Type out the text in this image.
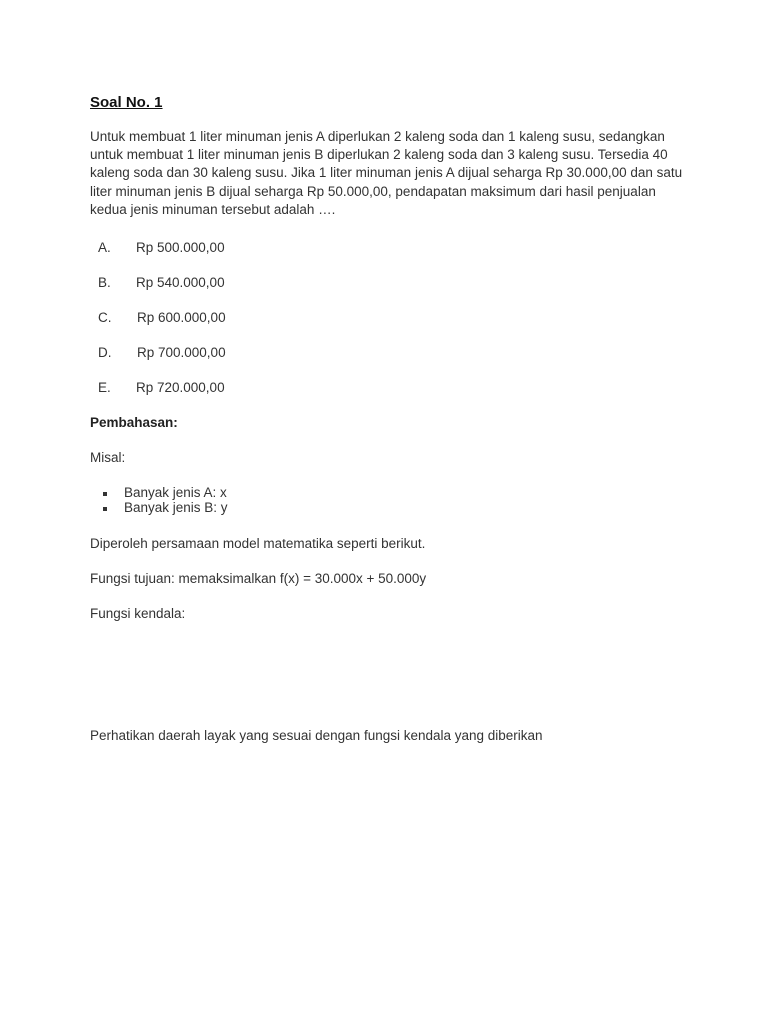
Soal No. 1
Untuk membuat 1 liter minuman jenis A diperlukan 2 kaleng soda dan 1 kaleng susu, sedangkan
untuk membuat 1 liter minuman jenis B diperlukan 2 kaleng soda dan 3 kaleng susu. Tersedia 40
kaleng soda dan 30 kaleng susu. Jika 1 liter minuman jenis A dijual seharga Rp 30.000,00 dan satu
liter minuman jenis B dijual seharga Rp 50.000,00, pendapatan maksimum dari hasil penjualan
kedua jenis minuman tersebut adalah ….
A. Rp 500.000,00
B. Rp 540.000,00
C. Rp 600.000,00
D. Rp 700.000,00
E. Rp 720.000,00
Pembahasan:
Misal:
Banyak jenis A: x
Banyak jenis B: y
Diperoleh persamaan model matematika seperti berikut.
Fungsi tujuan: memaksimalkan f(x) = 30.000x + 50.000y
Fungsi kendala:
Perhatikan daerah layak yang sesuai dengan fungsi kendala yang diberikan
